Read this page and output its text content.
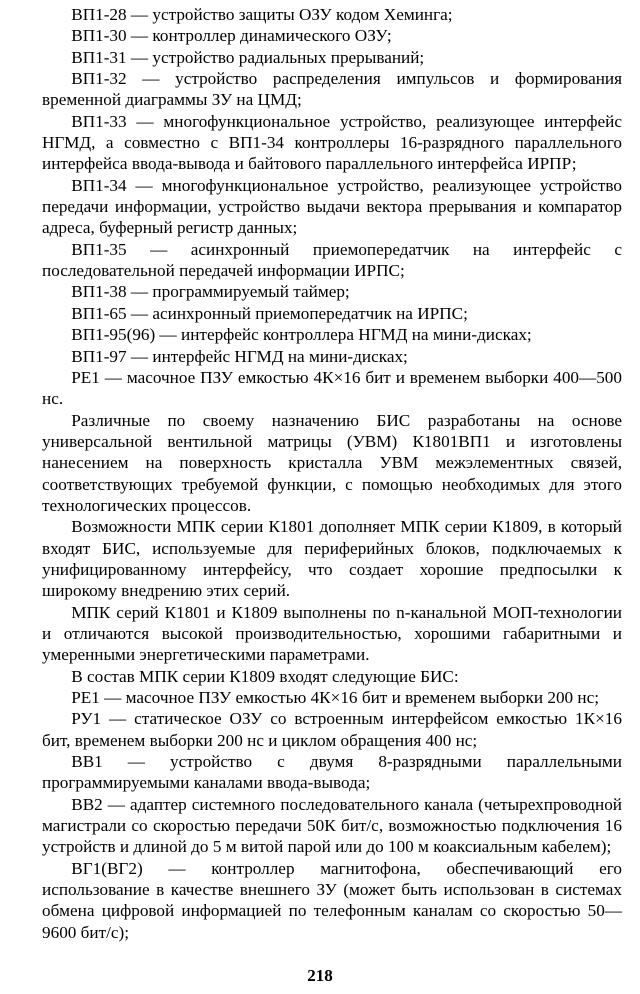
ВП1-28 — устройство защиты ОЗУ кодом Хеминга;

ВП1-30 — контроллер динамического ОЗУ;

ВП1-31 — устройство радиальных прерываний;

ВП1-32 — устройство распределения импульсов и формирования временной диаграммы ЗУ на ЦМД;

ВП1-33 — многофункциональное устройство, реализующее интерфейс НГМД, а совместно с ВП1-34 контроллеры 16-разрядного параллельного интерфейса ввода-вывода и байтового параллельного интерфейса ИРПР;

ВП1-34 — многофункциональное устройство, реализующее устройство передачи информации, устройство выдачи вектора прерывания и компаратор адреса, буферный регистр данных;

ВП1-35 — асинхронный приемопередатчик на интерфейс с последовательной передачей информации ИРПС;

ВП1-38 — программируемый таймер;

ВП1-65 — асинхронный приемопередатчик на ИРПС;

ВП1-95(96) — интерфейс контроллера НГМД на мини-дисках;

ВП1-97 — интерфейс НГМД на мини-дисках;

РЕ1 — масочное ПЗУ емкостью 4К×16 бит и временем выборки 400—500 нс.

Различные по своему назначению БИС разработаны на основе универсальной вентильной матрицы (УВМ) К1801ВП1 и изготовлены нанесением на поверхность кристалла УВМ межэлементных связей, соответствующих требуемой функции, с помощью необходимых для этого технологических процессов.

Возможности МПК серии К1801 дополняет МПК серии К1809, в который входят БИС, используемые для периферийных блоков, подключаемых к унифицированному интерфейсу, что создает хорошие предпосылки к широкому внедрению этих серий.

МПК серий К1801 и К1809 выполнены по n-канальной МОП-технологии и отличаются высокой производительностью, хорошими габаритными и умеренными энергетическими параметрами.

В состав МПК серии К1809 входят следующие БИС:

РЕ1 — масочное ПЗУ емкостью 4К×16 бит и временем выборки 200 нс;

РУ1 — статическое ОЗУ со встроенным интерфейсом емкостью 1К×16 бит, временем выборки 200 нс и циклом обращения 400 нс;

ВВ1 — устройство с двумя 8-разрядными параллельными программируемыми каналами ввода-вывода;

ВВ2 — адаптер системного последовательного канала (четырехпроводной магистрали со скоростью передачи 50К бит/с, возможностью подключения 16 устройств и длиной до 5 м витой парой или до 100 м коаксиальным кабелем);

ВГ1(ВГ2) — контроллер магнитофона, обеспечивающий его использование в качестве внешнего ЗУ (может быть использован в системах обмена цифровой информацией по телефонным каналам со скоростью 50—9600 бит/с);

218
